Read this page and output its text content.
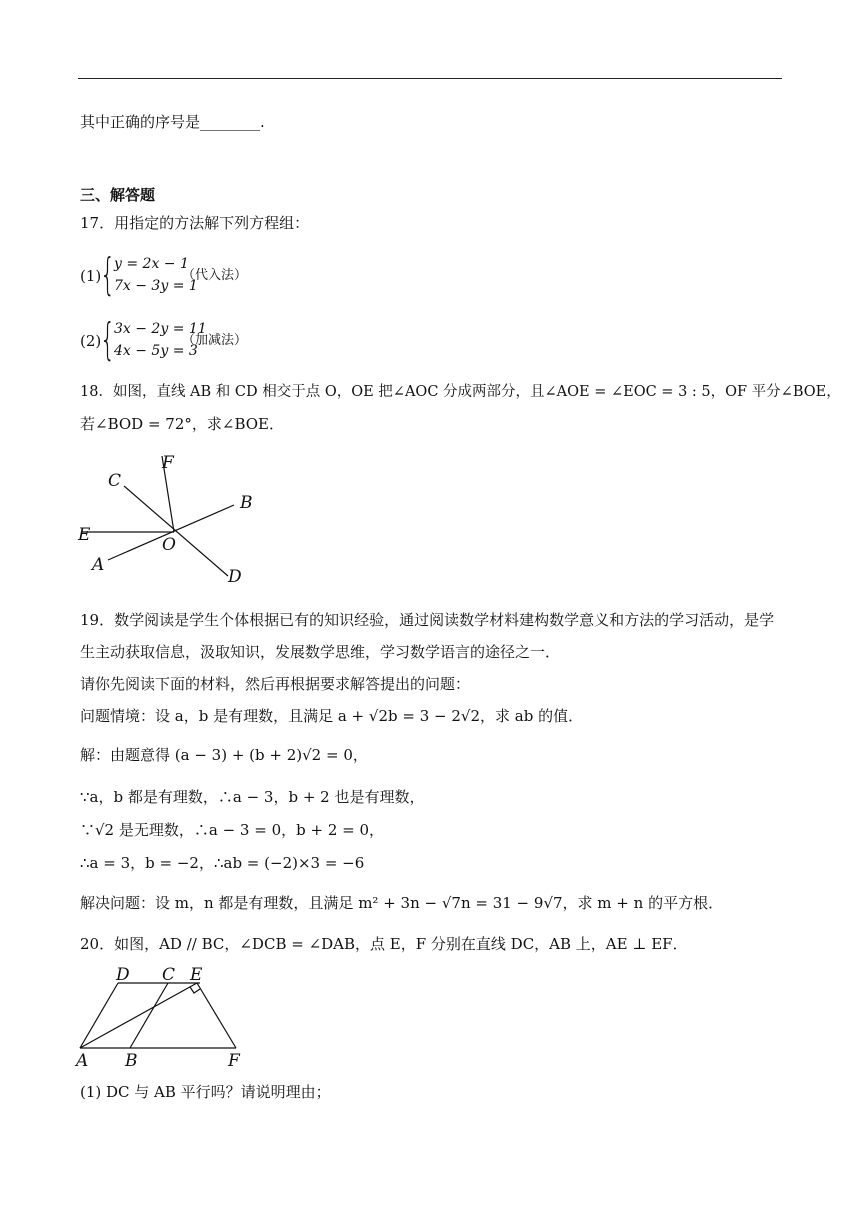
其中正确的序号是________.
三、解答题
17．用指定的方法解下列方程组：
(1)
{
y = 2x − 1
7x − 3y = 1
（代入法）
(2)
{
3x − 2y = 11
4x − 5y = 3
（加减法）
18．如图，直线 AB 和 CD 相交于点 O，OE 把∠AOC 分成两部分，且∠AOE = ∠EOC = 3 : 5，OF 平分∠BOE，
若∠BOD = 72°，求∠BOE．
C
F
B
E	O
A
D
19．数学阅读是学生个体根据已有的知识经验，通过阅读数学材料建构数学意义和方法的学习活动，是学
生主动获取信息，汲取知识，发展数学思维，学习数学语言的途径之一．
请你先阅读下面的材料，然后再根据要求解答提出的问题：
问题情境：设 a，b 是有理数，且满足 a + √2b = 3 − 2√2，求 ab 的值．
解：由题意得 (a − 3) + (b + 2)√2 = 0，
∵a，b 都是有理数，∴a − 3，b + 2 也是有理数，
∵√2 是无理数，∴a − 3 = 0，b + 2 = 0，
∴a = 3，b = −2，∴ab = (−2)×3 = −6
解决问题：设 m，n 都是有理数，且满足 m² + 3n − √7n = 31 − 9√7，求 m + n 的平方根．
20．如图，AD // BC，∠DCB = ∠DAB，点 E，F 分别在直线 DC，AB 上，AE ⊥ EF．
D C E
A B	F
(1) DC 与 AB 平行吗？请说明理由；
